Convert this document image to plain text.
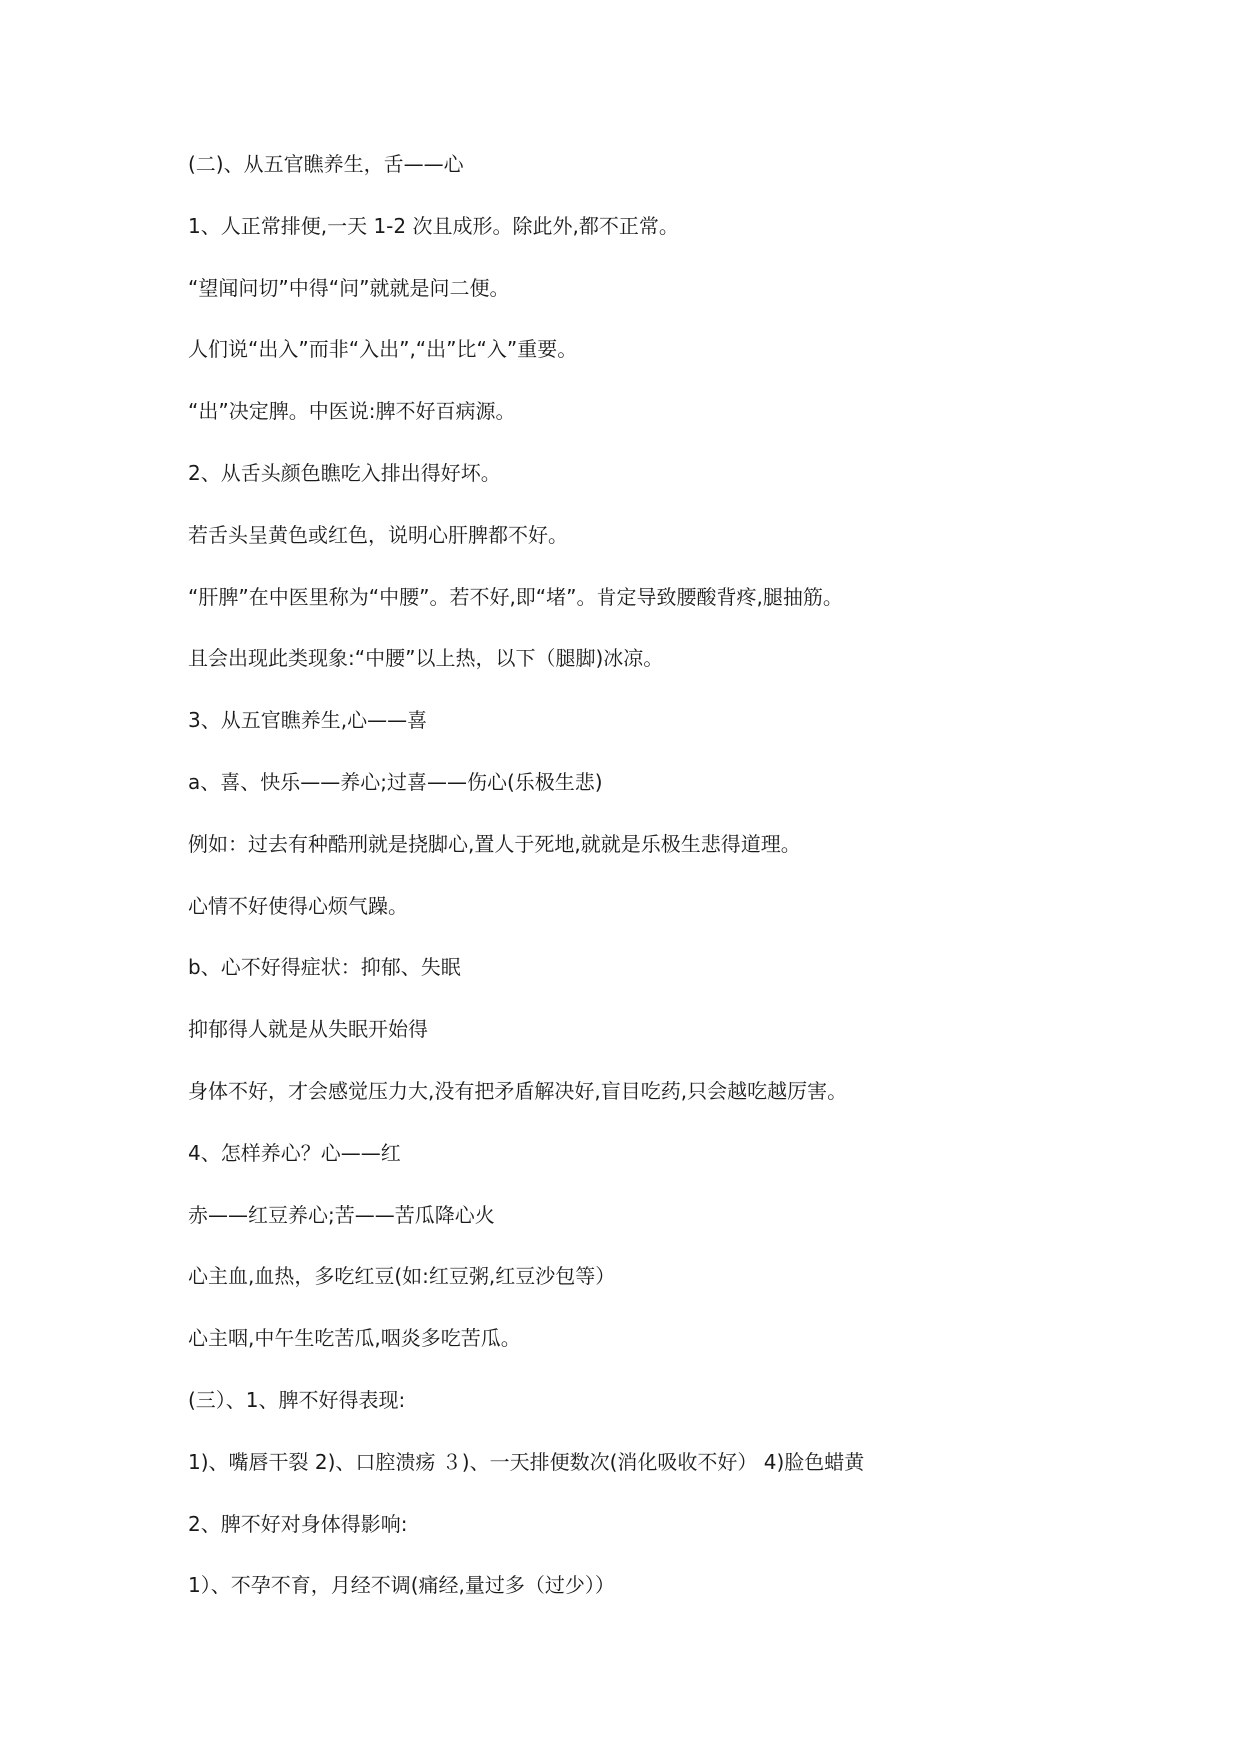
(二)、从五官瞧养生，舌——心
1、人正常排便,一天 1-2 次且成形。除此外,都不正常。
“望闻问切”中得“问”就就是问二便。
人们说“出入”而非“入出”,“出”比“入”重要。
“出”决定脾。中医说:脾不好百病源。
2、从舌头颜色瞧吃入排出得好坏。
若舌头呈黄色或红色，说明心肝脾都不好。
“肝脾”在中医里称为“中腰”。若不好,即“堵”。肯定导致腰酸背疼,腿抽筋。
且会出现此类现象:“中腰”以上热，以下（腿脚)冰凉。
3、从五官瞧养生,心——喜
a、喜、快乐——养心;过喜——伤心(乐极生悲)
例如：过去有种酷刑就是挠脚心,置人于死地,就就是乐极生悲得道理。
心情不好使得心烦气躁。
b、心不好得症状：抑郁、失眠
抑郁得人就是从失眠开始得
身体不好，才会感觉压力大,没有把矛盾解决好,盲目吃药,只会越吃越厉害。
4、怎样养心？心——红
赤——红豆养心;苦——苦瓜降心火
心主血,血热，多吃红豆(如:红豆粥,红豆沙包等）
心主咽,中午生吃苦瓜,咽炎多吃苦瓜。
(三）、1、脾不好得表现:
1)、嘴唇干裂 2)、口腔溃疡 ３)、一天排便数次(消化吸收不好） 4)脸色蜡黄
2、脾不好对身体得影响:
1）、不孕不育，月经不调(痛经,量过多（过少））
